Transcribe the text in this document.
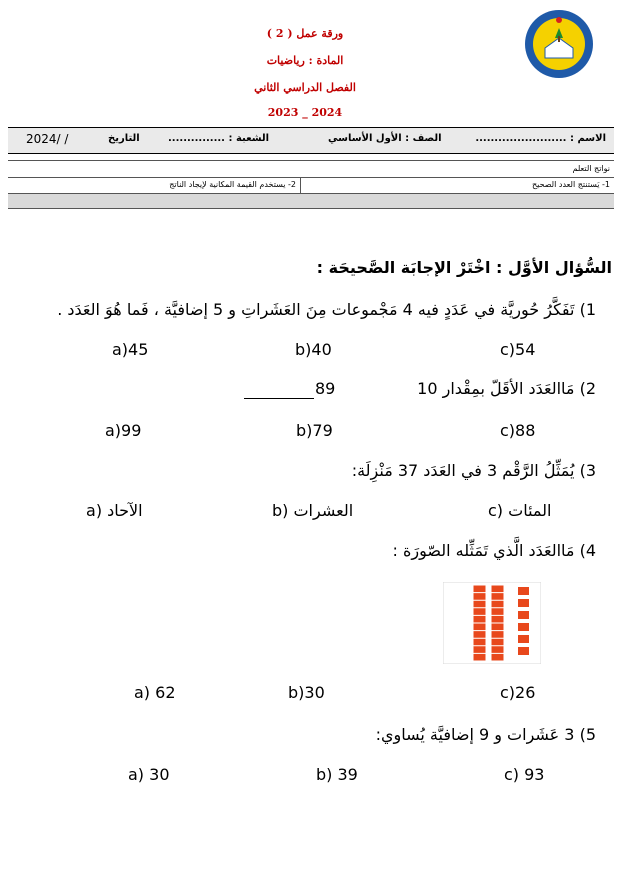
ورقة عمل ( 2 )
المادة : رياضيات
الفصل الدراسي الثاني
2024 _ 2023
الاسم : ........................
الصف : الأول الأساسي
الشعبة : ...............
التاريخ
2024/ /
نواتج التعلم
1- يَستنتج العدد الصحيح
2- يستخدم القيمة المكانية لإيجاد الناتج
السُّؤال الأوَّل : اخْتَرْ الإجابَة الصَّحيحَة :
1) تَفَكَّرُ حُوريَّة في عَدَدٍ فيه 4 مَجْموعات مِنَ العَشَراتِ و 5 إضافيَّة ، فَما هُوَ العَدَد .
a)45	b)40	c)54
2) مَاالعَدَد الأقَلّ بمِقْدار 10
89
a)99	b)79	c)88
3) يُمَثِّلُ الرَّقْم 3 في العَدَد 37 مَنْزِلَة:
الآحاد (a	العشرات (b	المئات (c
4) مَاالعَدَد الَّذي تَمَثِّله الصّورَة :
a) 62	b)30	c)26
5) 3 عَشَرات و 9 إضافيَّة يُساوي:
a) 30	b) 39	c) 93
